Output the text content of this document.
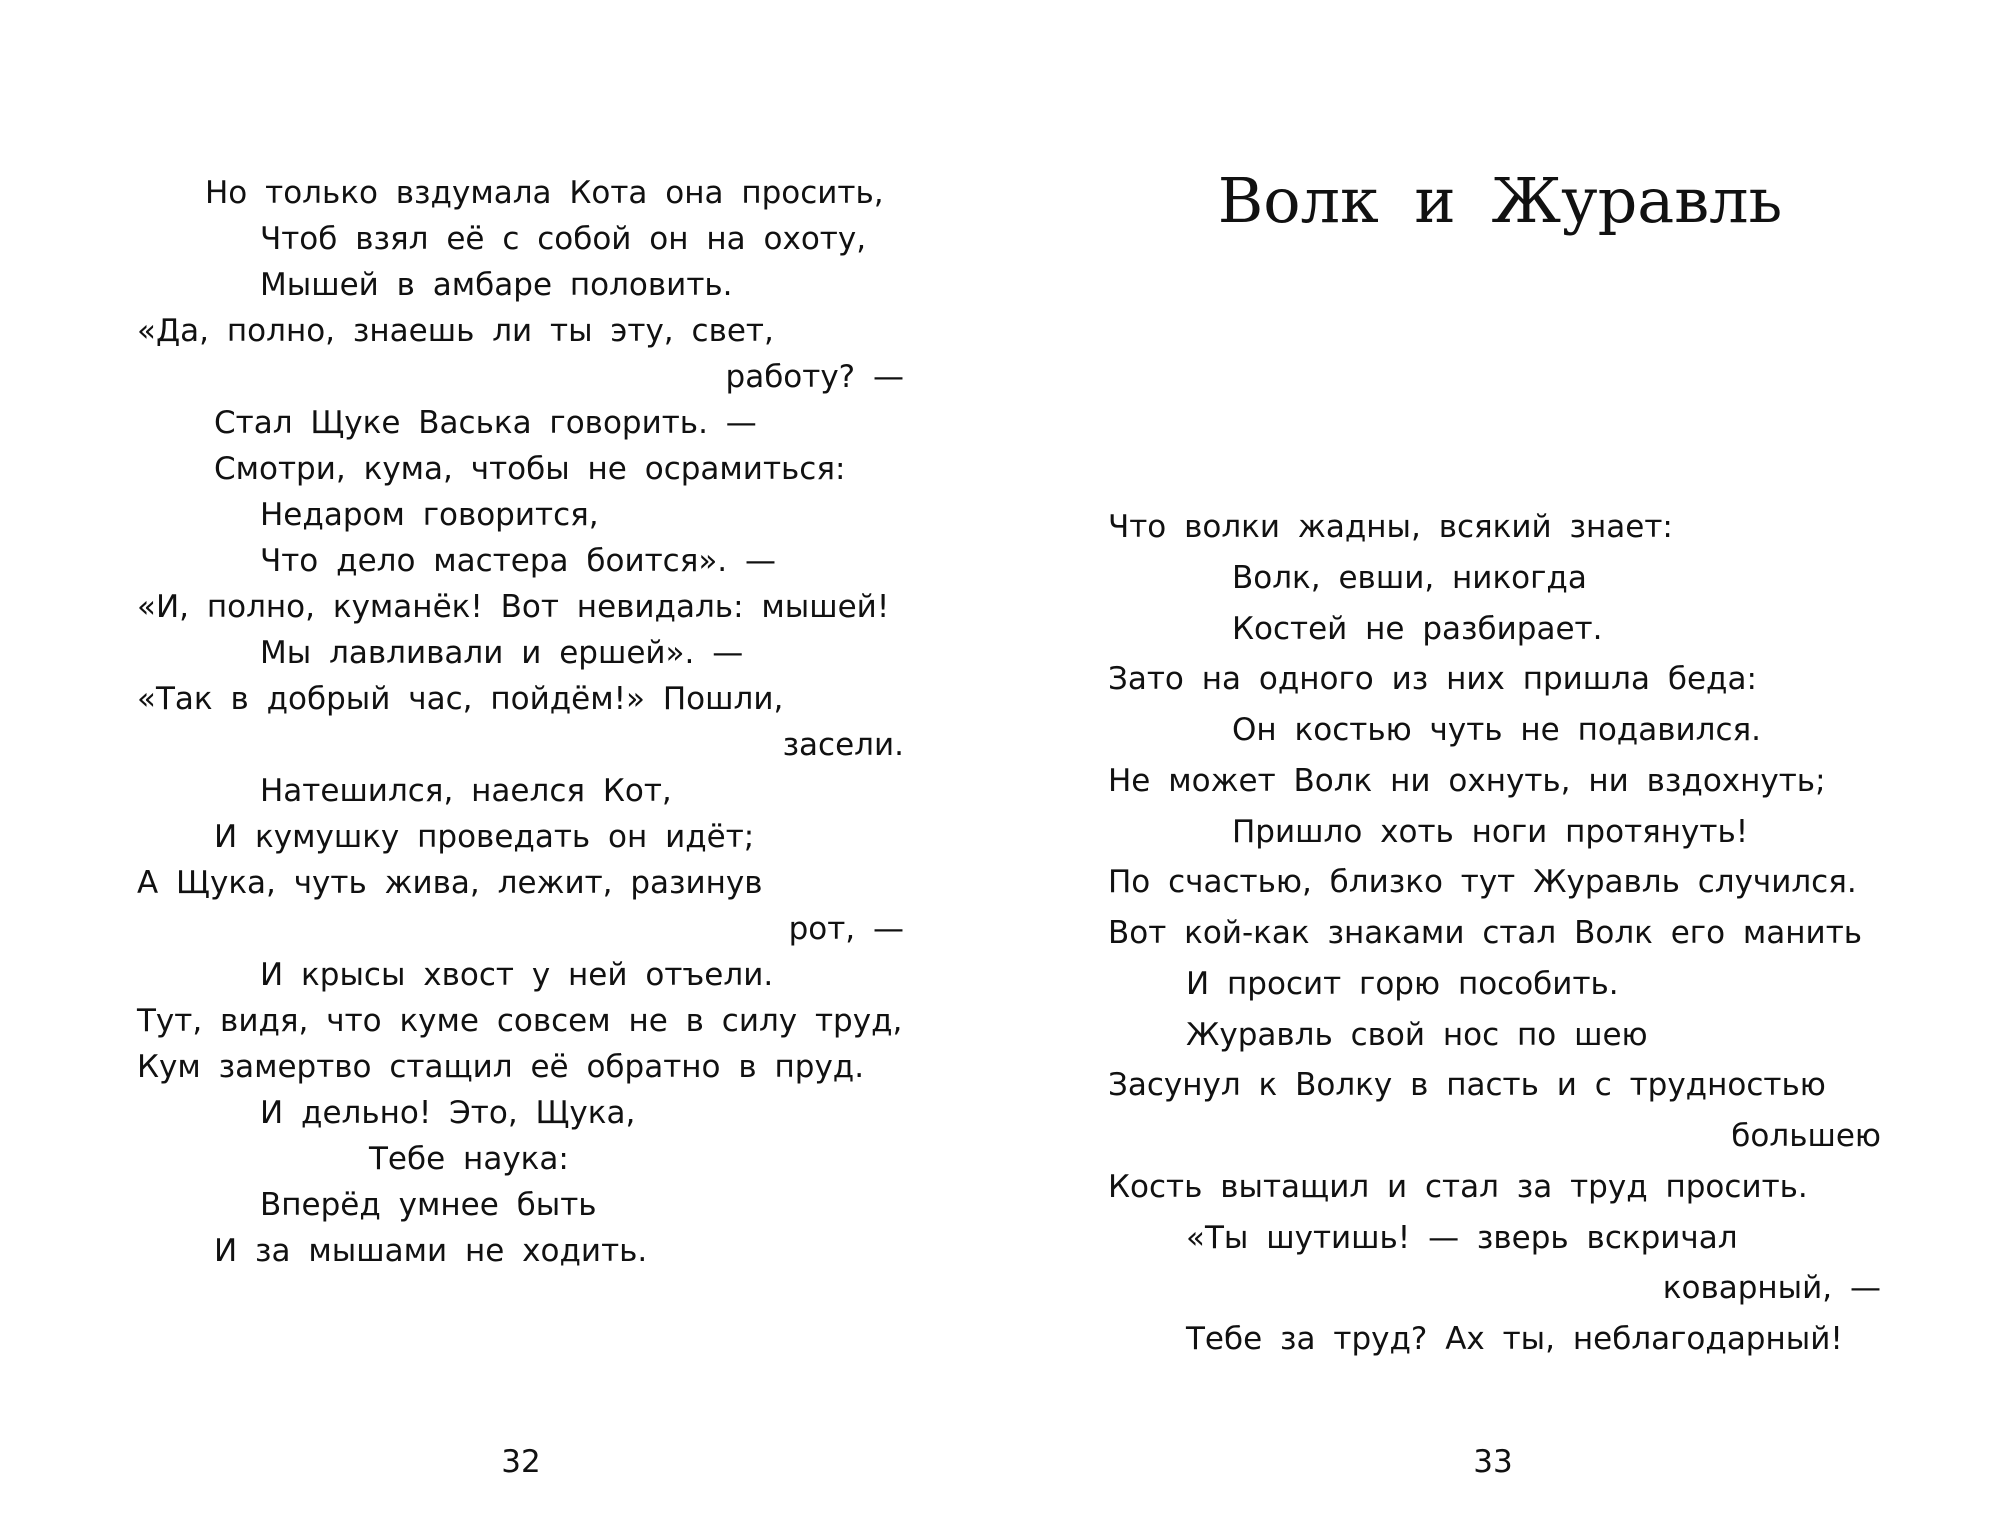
Но только вздумала Кота она просить,
Чтоб взял её с собой он на охоту,
Мышей в амбаре половить.
«Да, полно, знаешь ли ты эту, свет,
работу? —
Стал Щуке Васька говорить. —
Смотри, кума, чтобы не осрамиться:
Недаром говорится,
Что дело мастера боится». —
«И, полно, куманёк! Вот невидаль: мышей!
Мы лавливали и ершей». —
«Так в добрый час, пойдём!» Пошли,
засели.
Натешился, наелся Кот,
И кумушку проведать он идёт;
А Щука, чуть жива, лежит, разинув
рот, —
И крысы хвост у ней отъели.
Тут, видя, что куме совсем не в силу труд,
Кум замертво стащил её обратно в пруд.
И дельно! Это, Щука,
Тебе наука:
Вперёд умнее быть
И за мышами не ходить.
32
Волк и Журавль
Что волки жадны, всякий знает:
Волк, евши, никогда
Костей не разбирает.
Зато на одного из них пришла беда:
Он костью чуть не подавился.
Не может Волк ни охнуть, ни вздохнуть;
Пришло хоть ноги протянуть!
По счастью, близко тут Журавль случился.
Вот кой-как знаками стал Волк его манить
И просит горю пособить.
Журавль свой нос по шею
Засунул к Волку в пасть и с трудностью
большею
Кость вытащил и стал за труд просить.
«Ты шутишь! — зверь вскричал
коварный, —
Тебе за труд? Ах ты, неблагодарный!
33
